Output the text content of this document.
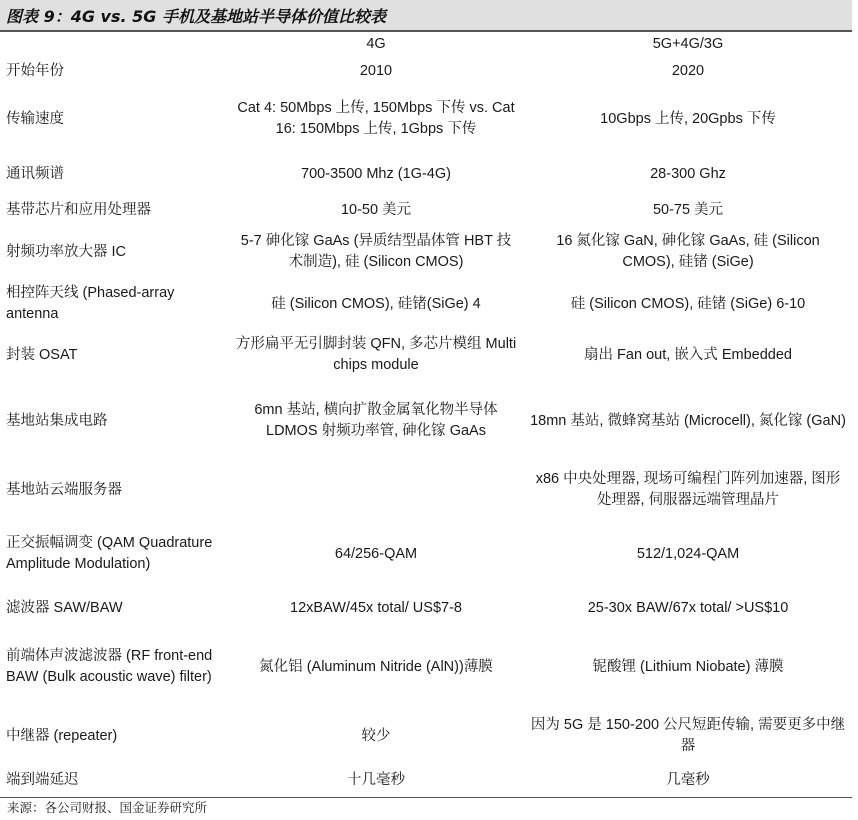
图表 9：4G vs. 5G 手机及基地站半导体价值比较表
	4G	5G+4G/3G
开始年份	2010	2020
传输速度	Cat 4: 50Mbps 上传, 150Mbps 下传 vs. Cat 16: 150Mbps 上传, 1Gbps 下传	10Gbps 上传, 20Gpbs 下传
通讯频谱	700-3500 Mhz (1G-4G)	28-300 Ghz
基带芯片和应用处理器	10-50 美元	50-75 美元
射频功率放大器 IC	5-7 砷化镓 GaAs (异质结型晶体管 HBT 技术制造), 硅 (Silicon CMOS)	16 氮化镓 GaN, 砷化镓 GaAs, 硅 (Silicon CMOS), 硅锗 (SiGe)
相控阵天线 (Phased-array antenna	硅 (Silicon CMOS), 硅锗(SiGe) 4	硅 (Silicon CMOS), 硅锗 (SiGe) 6-10
封装 OSAT	方形扁平无引脚封装 QFN, 多芯片模组 Multi chips module	扇出 Fan out, 嵌入式 Embedded
基地站集成电路	6mn 基站, 横向扩散金属氧化物半导体 LDMOS 射频功率管, 砷化镓 GaAs	18mn 基站, 微蜂窝基站 (Microcell), 氮化镓 (GaN)
基地站云端服务器		x86 中央处理器, 现场可编程门阵列加速器, 图形处理器, 伺服器远端管理晶片
正交振幅调变 (QAM Quadrature Amplitude Modulation)	64/256-QAM	512/1,024-QAM
滤波器 SAW/BAW	12xBAW/45x total/ US$7-8	25-30x BAW/67x total/ >US$10
前端体声波滤波器 (RF front-end BAW (Bulk acoustic wave) filter)	氮化铝 (Aluminum Nitride (AlN))薄膜	铌酸锂 (Lithium Niobate) 薄膜
中继器 (repeater)	较少	因为 5G 是 150-200 公尺短距传输, 需要更多中继器
端到端延迟	十几毫秒	几毫秒
来源：各公司财报、国金证券研究所
